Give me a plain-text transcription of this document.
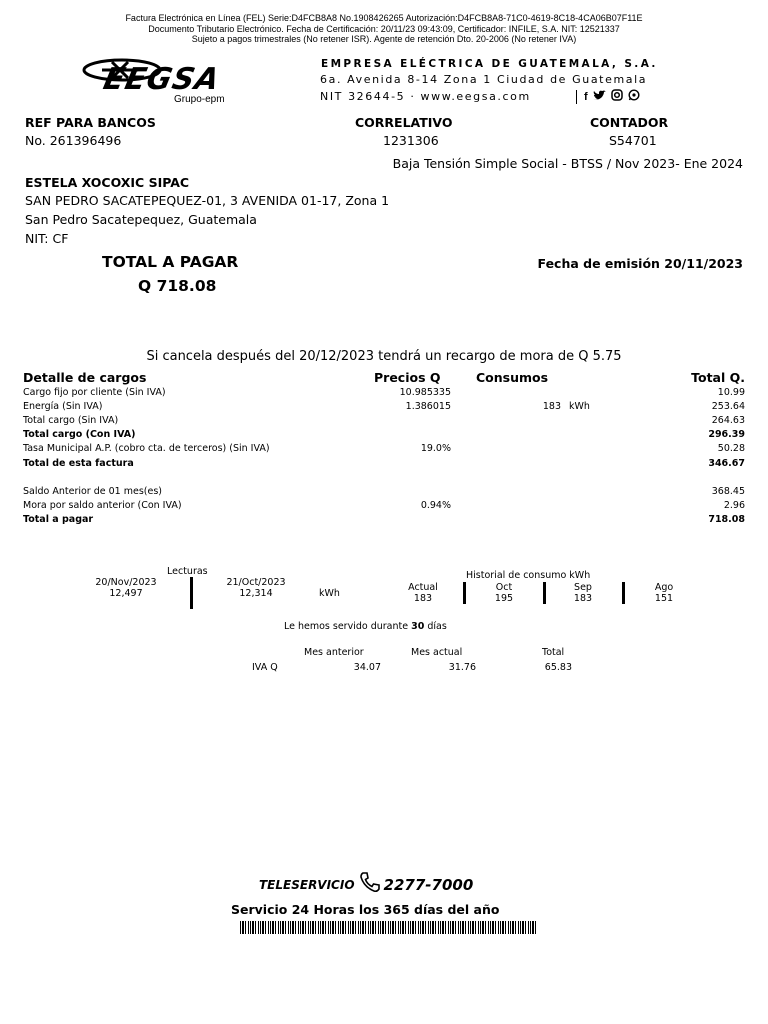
Factura Electrónica en Línea (FEL) Serie:D4FCB8A8 No.1908426265 Autorización:D4FCB8A8-71C0-4619-8C18-4CA06B07F11E
Documento Tributario Electrónico. Fecha de Certificación: 20/11/23 09:43:09, Certificador: INFILE, S.A. NIT: 12521337
Sujeto a pagos trimestrales (No retener ISR). Agente de retención Dto. 20-2006 (No retener IVA)
EEGSA
Grupo-epm
EMPRESA ELÉCTRICA DE GUATEMALA, S.A.
6a. Avenida 8-14 Zona 1 Ciudad de Guatemala
NIT 32644-5 · www.eegsa.com	f
REF PARA BANCOS
No. 261396496
CORRELATIVO
1231306
CONTADOR
S54701
Baja Tensión Simple Social - BTSS / Nov 2023- Ene 2024
ESTELA XOCOXIC SIPAC
SAN PEDRO SACATEPEQUEZ-01, 3 AVENIDA 01-17, Zona 1
San Pedro Sacatepequez, Guatemala
NIT: CF
TOTAL A PAGAR
Q 718.08
Fecha de emisión 20/11/2023
Si cancela después del 20/12/2023 tendrá un recargo de mora de Q 5.75
Detalle de cargos	Precios Q	Consumos	Total Q.
Cargo fijo por cliente (Sin IVA)	10.985335	10.99
Energía (Sin IVA)	1.386015	183 kWh	253.64
Total cargo (Sin IVA)	264.63
Total cargo (Con IVA)	296.39
Tasa Municipal A.P. (cobro cta. de terceros) (Sin IVA)	19.0%	50.28
Total de esta factura	346.67
Saldo Anterior de 01 mes(es)	368.45
Mora por saldo anterior (Con IVA)	0.94%	2.96
Total a pagar	718.08
Lecturas
20/Nov/2023
12,497
21/Oct/2023
12,314	kWh
Historial de consumo kWh
Actual
183
Oct
195
Sep
183
Ago
151
Le hemos servido durante 30 días
Mes anterior	Mes actual	Total
IVA Q	34.07	31.76	65.83
TELESERVICIO 2277-7000
Servicio 24 Horas los 365 días del año
